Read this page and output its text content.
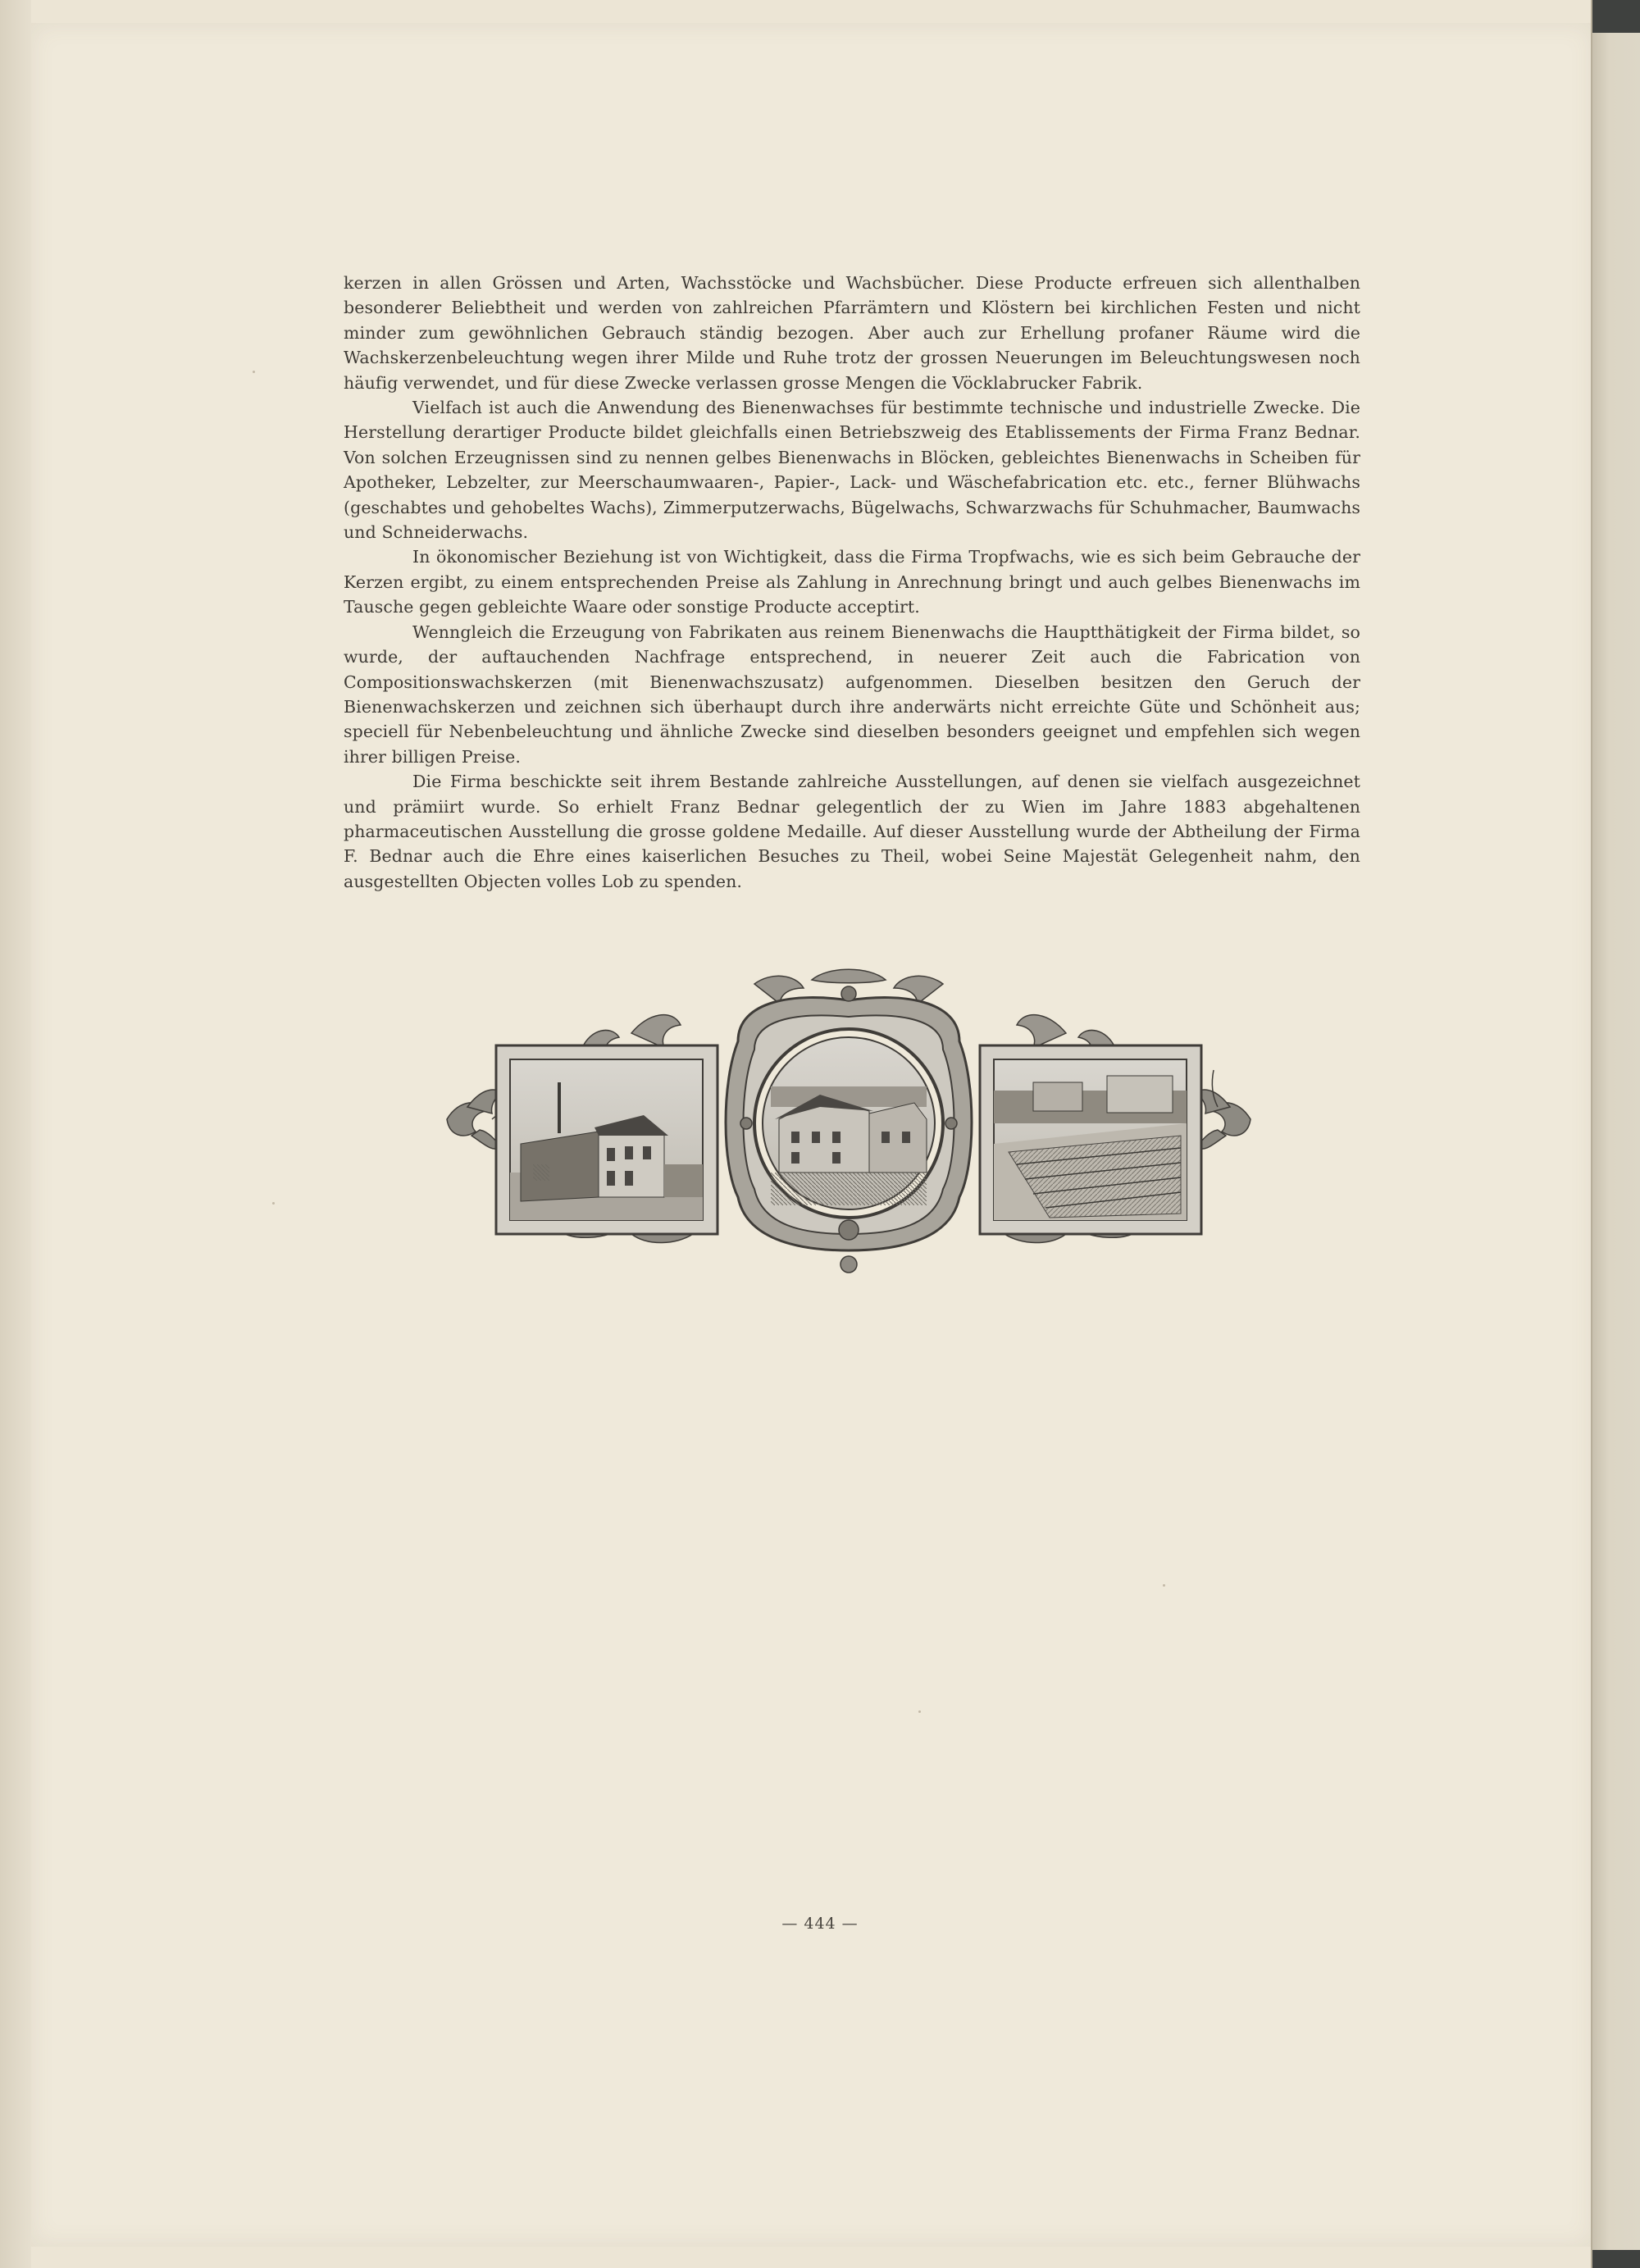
kerzen in allen Grössen und Arten, Wachsstöcke und Wachsbücher. Diese Producte erfreuen sich allenthalben besonderer Beliebtheit und werden von zahlreichen Pfarrämtern und Klöstern bei kirchlichen Festen und nicht minder zum gewöhnlichen Gebrauch ständig bezogen. Aber auch zur Erhellung profaner Räume wird die Wachskerzenbeleuchtung wegen ihrer Milde und Ruhe trotz der grossen Neuerungen im Beleuchtungswesen noch häufig verwendet, und für diese Zwecke verlassen grosse Mengen die Vöcklabrucker Fabrik.

Vielfach ist auch die Anwendung des Bienenwachses für bestimmte technische und industrielle Zwecke. Die Herstellung derartiger Producte bildet gleichfalls einen Betriebszweig des Etablissements der Firma Franz Bednar. Von solchen Erzeugnissen sind zu nennen gelbes Bienenwachs in Blöcken, gebleichtes Bienenwachs in Scheiben für Apotheker, Lebzelter, zur Meerschaumwaaren-, Papier-, Lack- und Wäschefabrication etc. etc., ferner Blühwachs (geschabtes und gehobeltes Wachs), Zimmerputzerwachs, Bügelwachs, Schwarzwachs für Schuhmacher, Baumwachs und Schneiderwachs.

In ökonomischer Beziehung ist von Wichtigkeit, dass die Firma Tropfwachs, wie es sich beim Gebrauche der Kerzen ergibt, zu einem entsprechenden Preise als Zahlung in Anrechnung bringt und auch gelbes Bienenwachs im Tausche gegen gebleichte Waare oder sonstige Producte acceptirt.

Wenngleich die Erzeugung von Fabrikaten aus reinem Bienenwachs die Hauptthätigkeit der Firma bildet, so wurde, der auftauchenden Nachfrage entsprechend, in neuerer Zeit auch die Fabrication von Compositionswachskerzen (mit Bienenwachszusatz) aufgenommen. Dieselben besitzen den Geruch der Bienenwachskerzen und zeichnen sich überhaupt durch ihre anderwärts nicht erreichte Güte und Schönheit aus; speciell für Nebenbeleuchtung und ähnliche Zwecke sind dieselben besonders geeignet und empfehlen sich wegen ihrer billigen Preise.

Die Firma beschickte seit ihrem Bestande zahlreiche Ausstellungen, auf denen sie vielfach ausgezeichnet und prämiirt wurde. So erhielt Franz Bednar gelegentlich der zu Wien im Jahre 1883 abgehaltenen pharmaceutischen Ausstellung die grosse goldene Medaille. Auf dieser Ausstellung wurde der Abtheilung der Firma F. Bednar auch die Ehre eines kaiserlichen Besuches zu Theil, wobei Seine Majestät Gelegenheit nahm, den ausgestellten Objecten volles Lob zu spenden.

— 444 —
